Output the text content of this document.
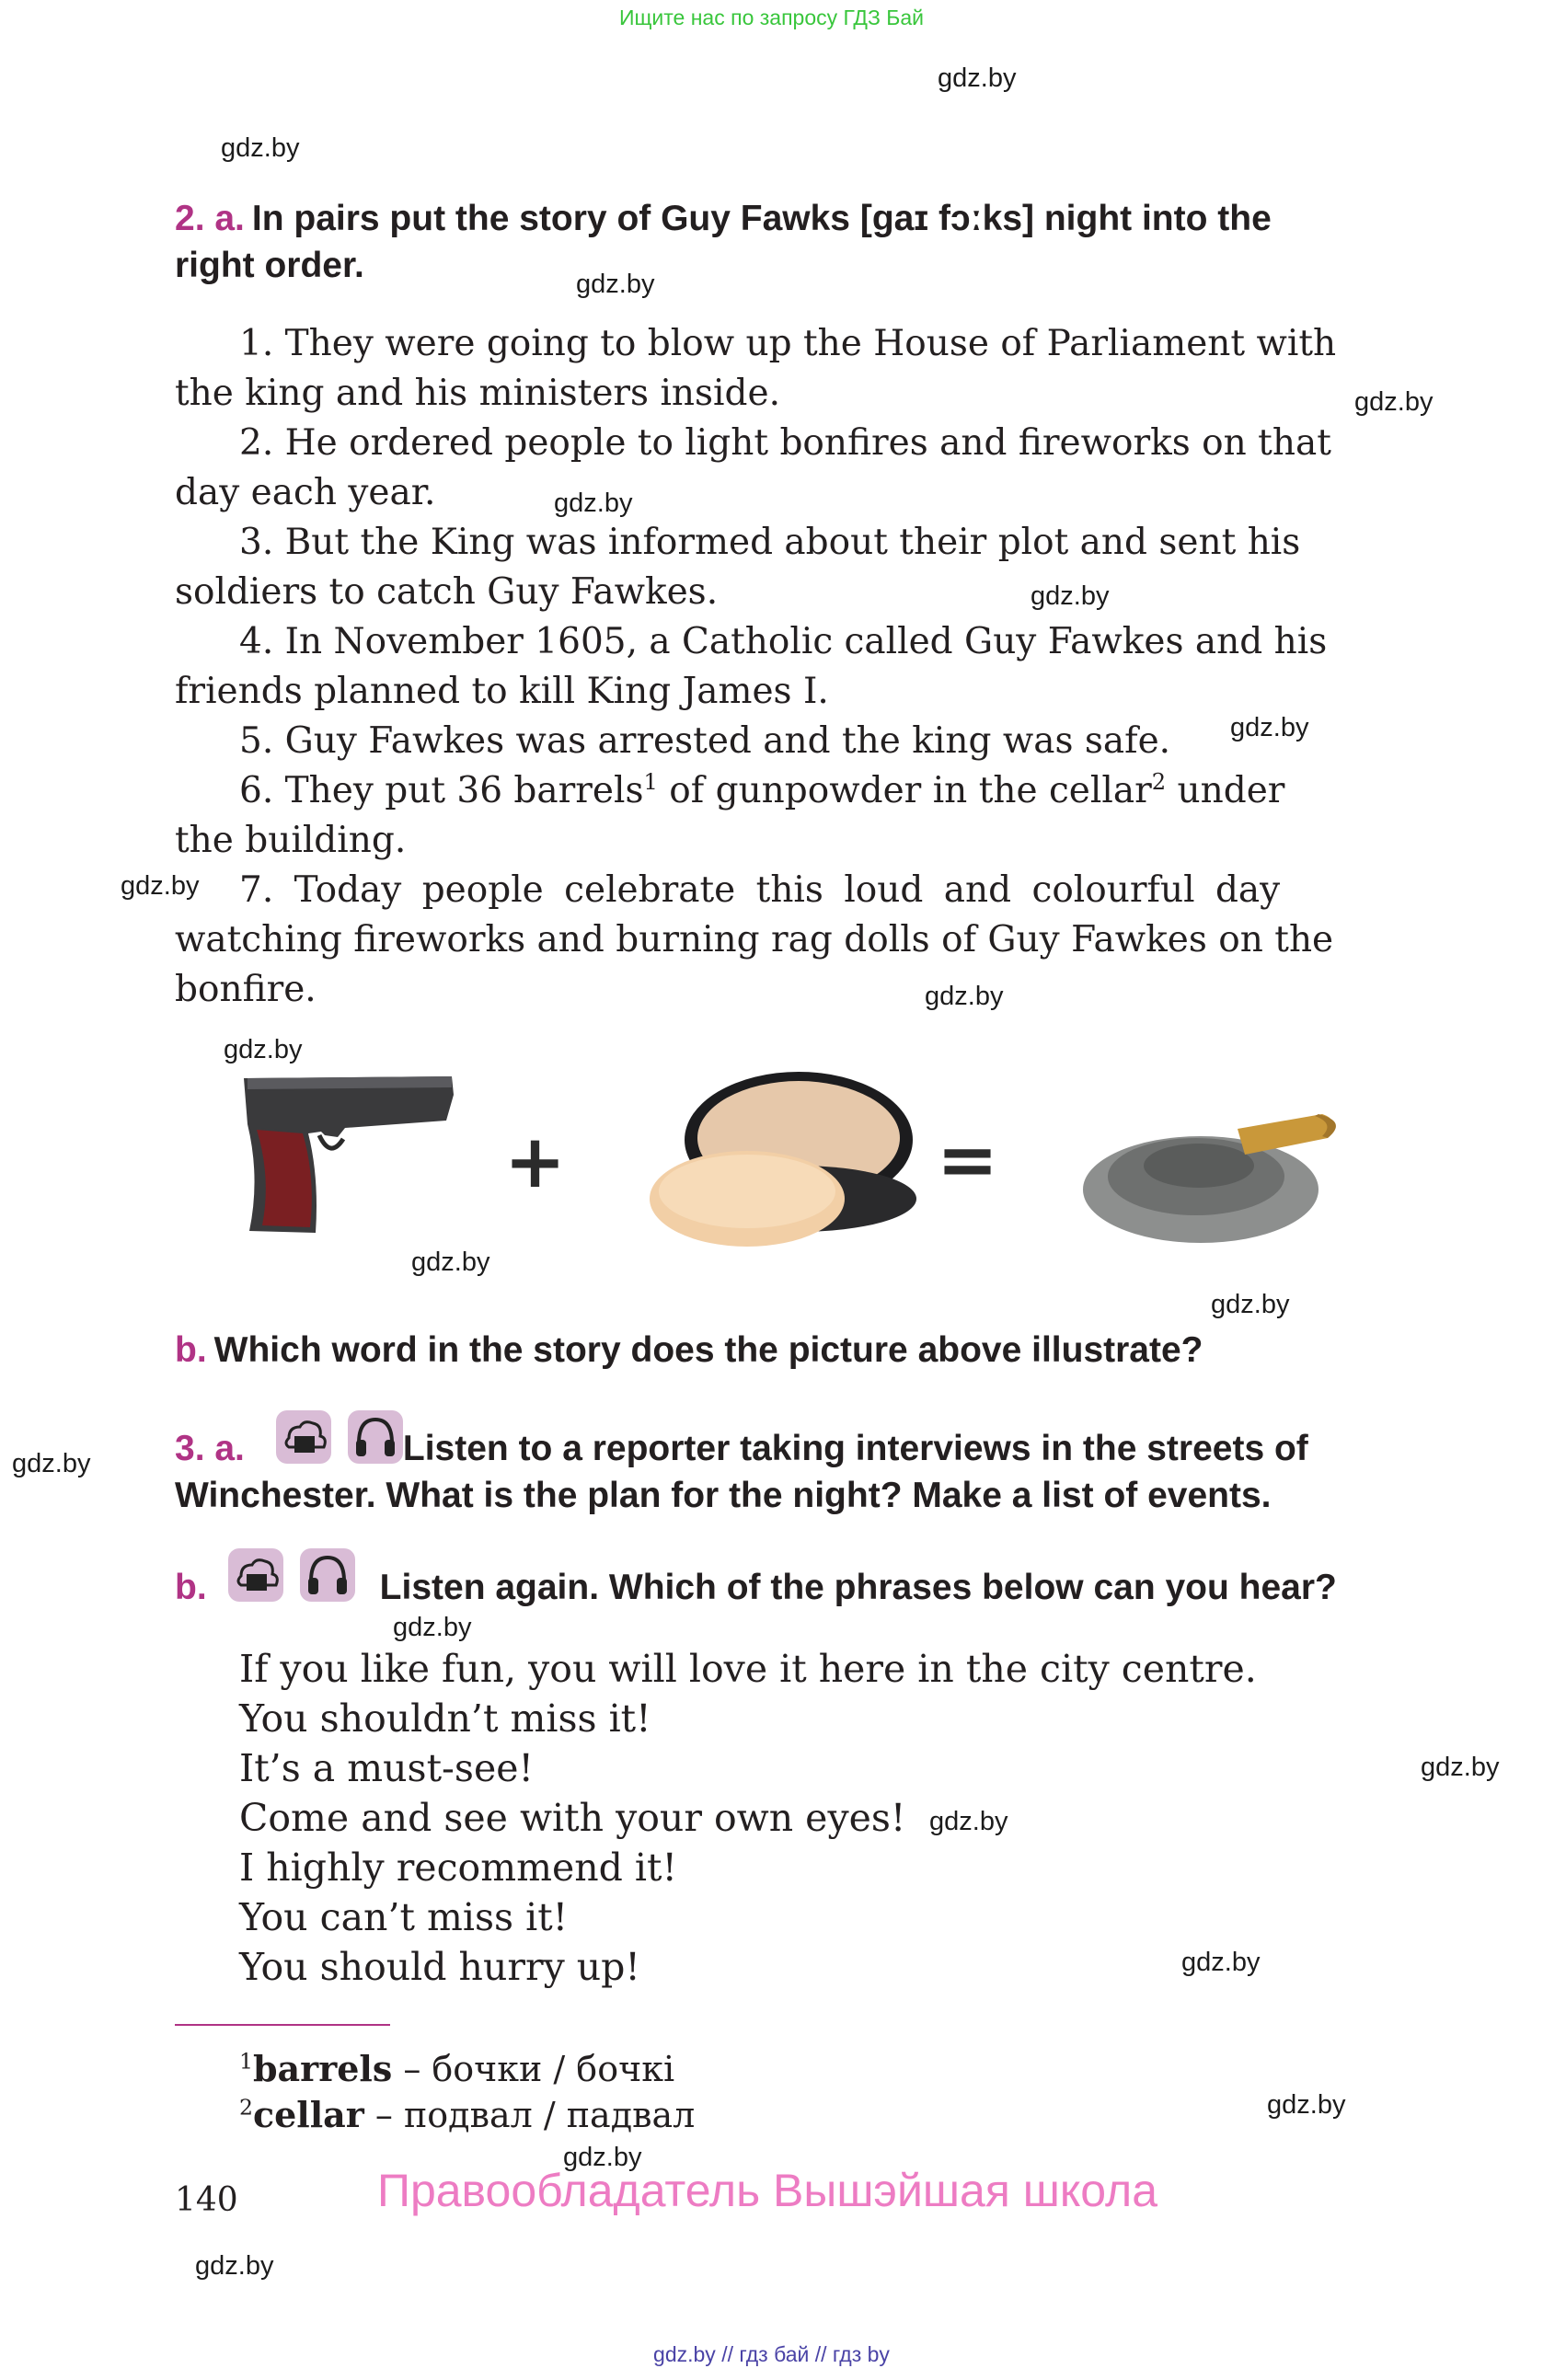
Ищите нас по запросу ГДЗ Бай
gdz.by
gdz.by
gdz.by
gdz.by
gdz.by
gdz.by
gdz.by
gdz.by
gdz.by
gdz.by
gdz.by
gdz.by
gdz.by
gdz.by
gdz.by
gdz.by
gdz.by
gdz.by
gdz.by
gdz.by
2. a. In pairs put the story of Guy Fawks [gaɪ fɔːks] night into the
right order.
1. They were going to blow up the House of Parliament with
the king and his ministers inside.
2. He ordered people to light bonfires and fireworks on that
day each year.
3. But the King was informed about their plot and sent his
soldiers to catch Guy Fawkes.
4. In November 1605, a Catholic called Guy Fawkes and his
friends planned to kill King James I.
5. Guy Fawkes was arrested and the king was safe.
6. They put 36 barrels$^1$ of gunpowder in the cellar$^2$ under
the building.
7. Today people celebrate this loud and colourful day
watching fireworks and burning rag dolls of Guy Fawkes on the
bonfire.
+	=
b. Which word in the story does the picture above illustrate?
3. a.	Listen to a reporter taking interviews in the streets of
Winchester. What is the plan for the night? Make a list of events.
b.	Listen again. Which of the phrases below can you hear?
If you like fun, you will love it here in the city centre.
You shouldn’t miss it!
It’s a must-see!
Come and see with your own eyes!
I highly recommend it!
You can’t miss it!
You should hurry up!
$^1$barrels – бочки / бочкі
$^2$cellar – подвал / падвал
140	Правообладатель Вышэйшая школа
gdz.by // гдз бай // гдз by
